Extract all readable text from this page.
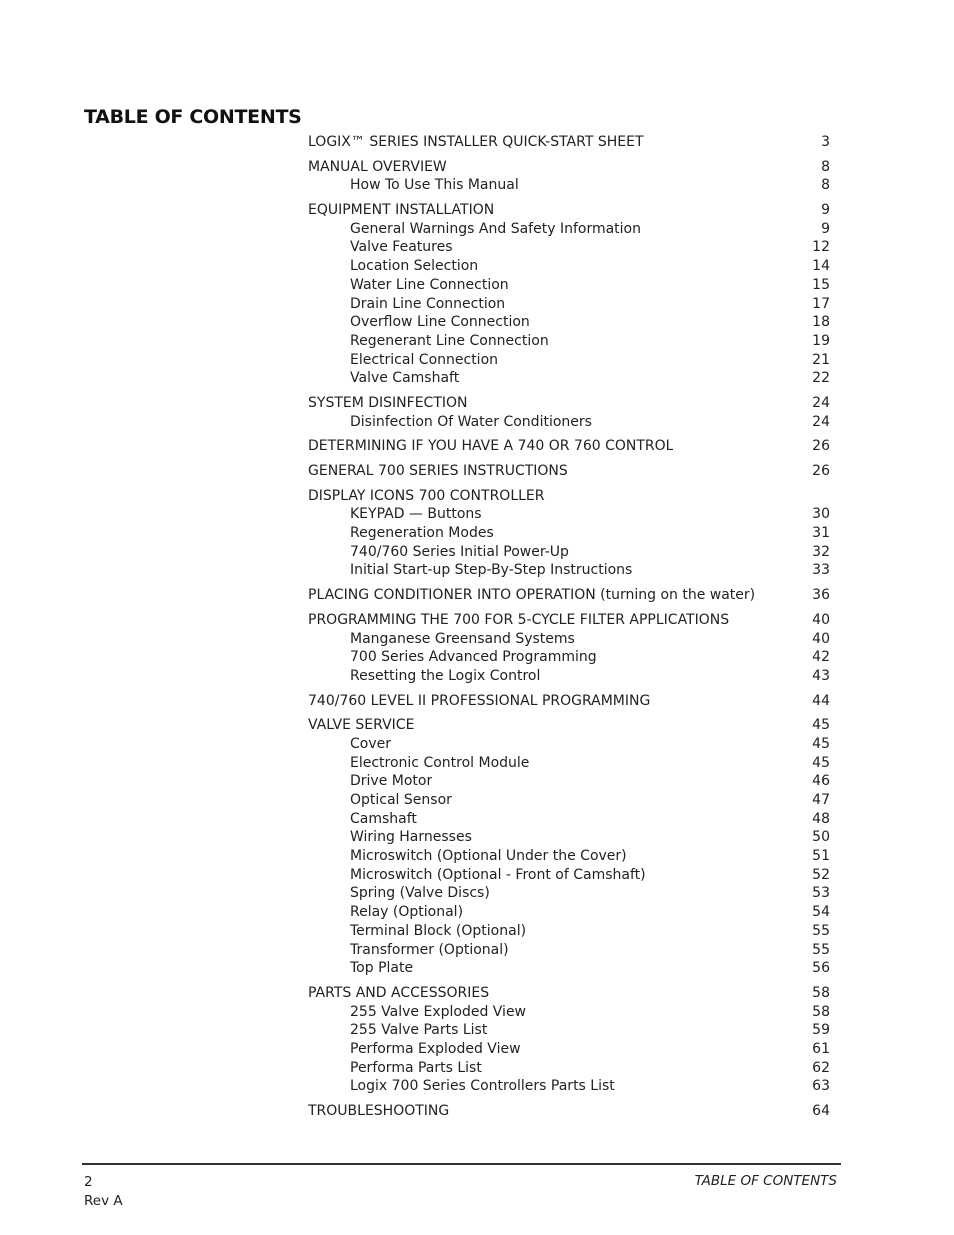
TABLE OF CONTENTS
LOGIX™ SERIES INSTALLER QUICK-START SHEET	3
MANUAL OVERVIEW	8
How To Use This Manual	8
EQUIPMENT INSTALLATION	9
General Warnings And Safety Information	9
Valve Features	12
Location Selection	14
Water Line Connection	15
Drain Line Connection	17
Overflow Line Connection	18
Regenerant Line Connection	19
Electrical Connection	21
Valve Camshaft	22
SYSTEM DISINFECTION	24
Disinfection Of Water Conditioners	24
DETERMINING IF YOU HAVE A 740 OR 760 CONTROL	26
GENERAL 700 SERIES INSTRUCTIONS	26
DISPLAY ICONS 700 CONTROLLER
KEYPAD — Buttons	30
Regeneration Modes	31
740/760 Series Initial Power-Up	32
Initial Start-up Step-By-Step Instructions	33
PLACING CONDITIONER INTO OPERATION (turning on the water)	36
PROGRAMMING THE 700 FOR 5-CYCLE FILTER APPLICATIONS	40
Manganese Greensand Systems	40
700 Series Advanced Programming	42
Resetting the Logix Control	43
740/760 LEVEL II PROFESSIONAL PROGRAMMING	44
VALVE SERVICE	45
Cover	45
Electronic Control Module	45
Drive Motor	46
Optical Sensor	47
Camshaft	48
Wiring Harnesses	50
Microswitch (Optional Under the Cover)	51
Microswitch (Optional - Front of Camshaft)	52
Spring (Valve Discs)	53
Relay (Optional)	54
Terminal Block (Optional)	55
Transformer (Optional)	55
Top Plate	56
PARTS AND ACCESSORIES	58
255 Valve Exploded View	58
255 Valve Parts List	59
Performa Exploded View	61
Performa Parts List	62
Logix 700 Series Controllers Parts List	63
TROUBLESHOOTING	64
2
Rev A
TABLE OF CONTENTS
